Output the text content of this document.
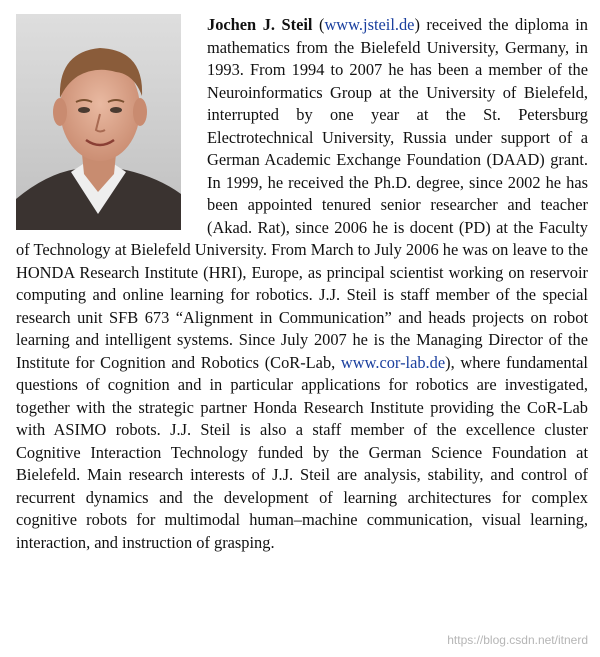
Jochen J. Steil (www.jsteil.de) received the diploma in mathematics from the Bielefeld University, Germany, in 1993. From 1994 to 2007 he has been a member of the Neuroinformatics Group at the University of Bielefeld, interrupted by one year at the St. Petersburg Electrotechnical University, Russia under support of a German Academic Exchange Foundation (DAAD) grant. In 1999, he received the Ph.D. degree, since 2002 he has been appointed tenured senior researcher and teacher (Akad. Rat), since 2006 he is docent (PD) at the Faculty of Technology at Bielefeld University. From March to July 2006 he was on leave to the HONDA Research Institute (HRI), Europe, as principal scientist working on reservoir computing and online learning for robotics. J.J. Steil is staff member of the special research unit SFB 673 “Alignment in Communication” and heads projects on robot learning and intelligent systems. Since July 2007 he is the Managing Director of the Institute for Cognition and Robotics (CoR-Lab, www.cor-lab.de), where fundamental questions of cognition and in particular applications for robotics are investigated, together with the strategic partner Honda Research Institute providing the CoR-Lab with ASIMO robots. J.J. Steil is also a staff member of the excellence cluster Cognitive Interaction Technology funded by the German Science Foundation at Bielefeld. Main research interests of J.J. Steil are analysis, stability, and control of recurrent dynamics and the development of learning architectures for complex cognitive robots for multimodal human–machine communication, visual learning, interaction, and instruction of grasping.
https://blog.csdn.net/itnerd
